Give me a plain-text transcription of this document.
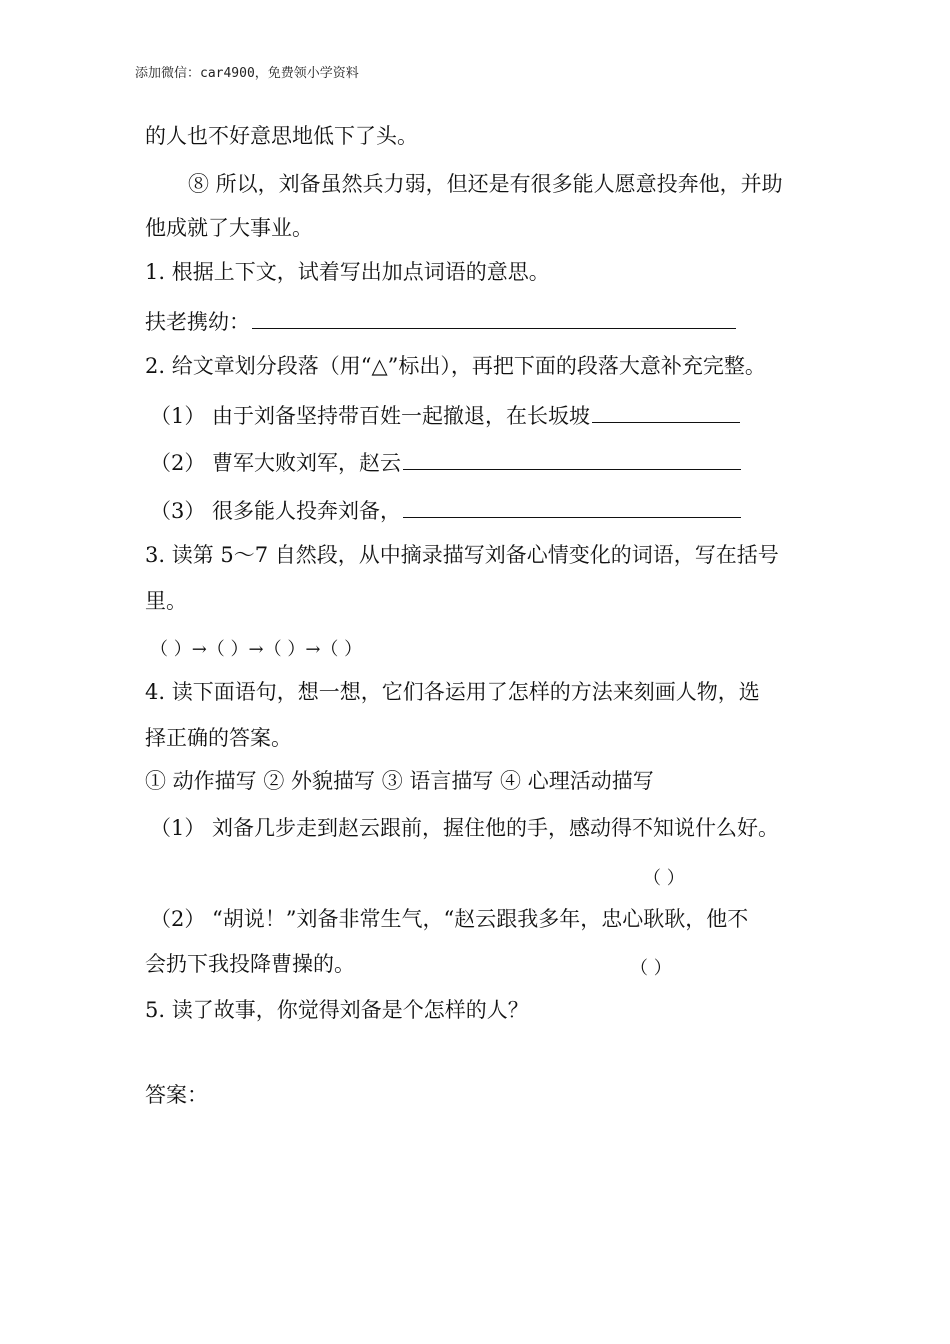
添加微信：car4900，免费领小学资料
的人也不好意思地低下了头。
⑧ 所以，刘备虽然兵力弱，但还是有很多能人愿意投奔他，并助
他成就了大事业。
1. 根据上下文，试着写出加点词语的意思。
扶老携幼：
2. 给文章划分段落（用“△”标出），再把下面的段落大意补充完整。
（1） 由于刘备坚持带百姓一起撤退，在长坂坡
（2） 曹军大败刘军，赵云
（3） 很多能人投奔刘备，
3. 读第 5～7 自然段，从中摘录描写刘备心情变化的词语，写在括号
里。
（ ）→（ ）→（ ）→（ ）
4. 读下面语句，想一想，它们各运用了怎样的方法来刻画人物，选
择正确的答案。
① 动作描写 ② 外貌描写 ③ 语言描写 ④ 心理活动描写
（1） 刘备几步走到赵云跟前，握住他的手，感动得不知说什么好。
（ ）
（2） “胡说！”刘备非常生气，“赵云跟我多年，忠心耿耿，他不
会扔下我投降曹操的。	（ ）
5. 读了故事，你觉得刘备是个怎样的人？
答案：
